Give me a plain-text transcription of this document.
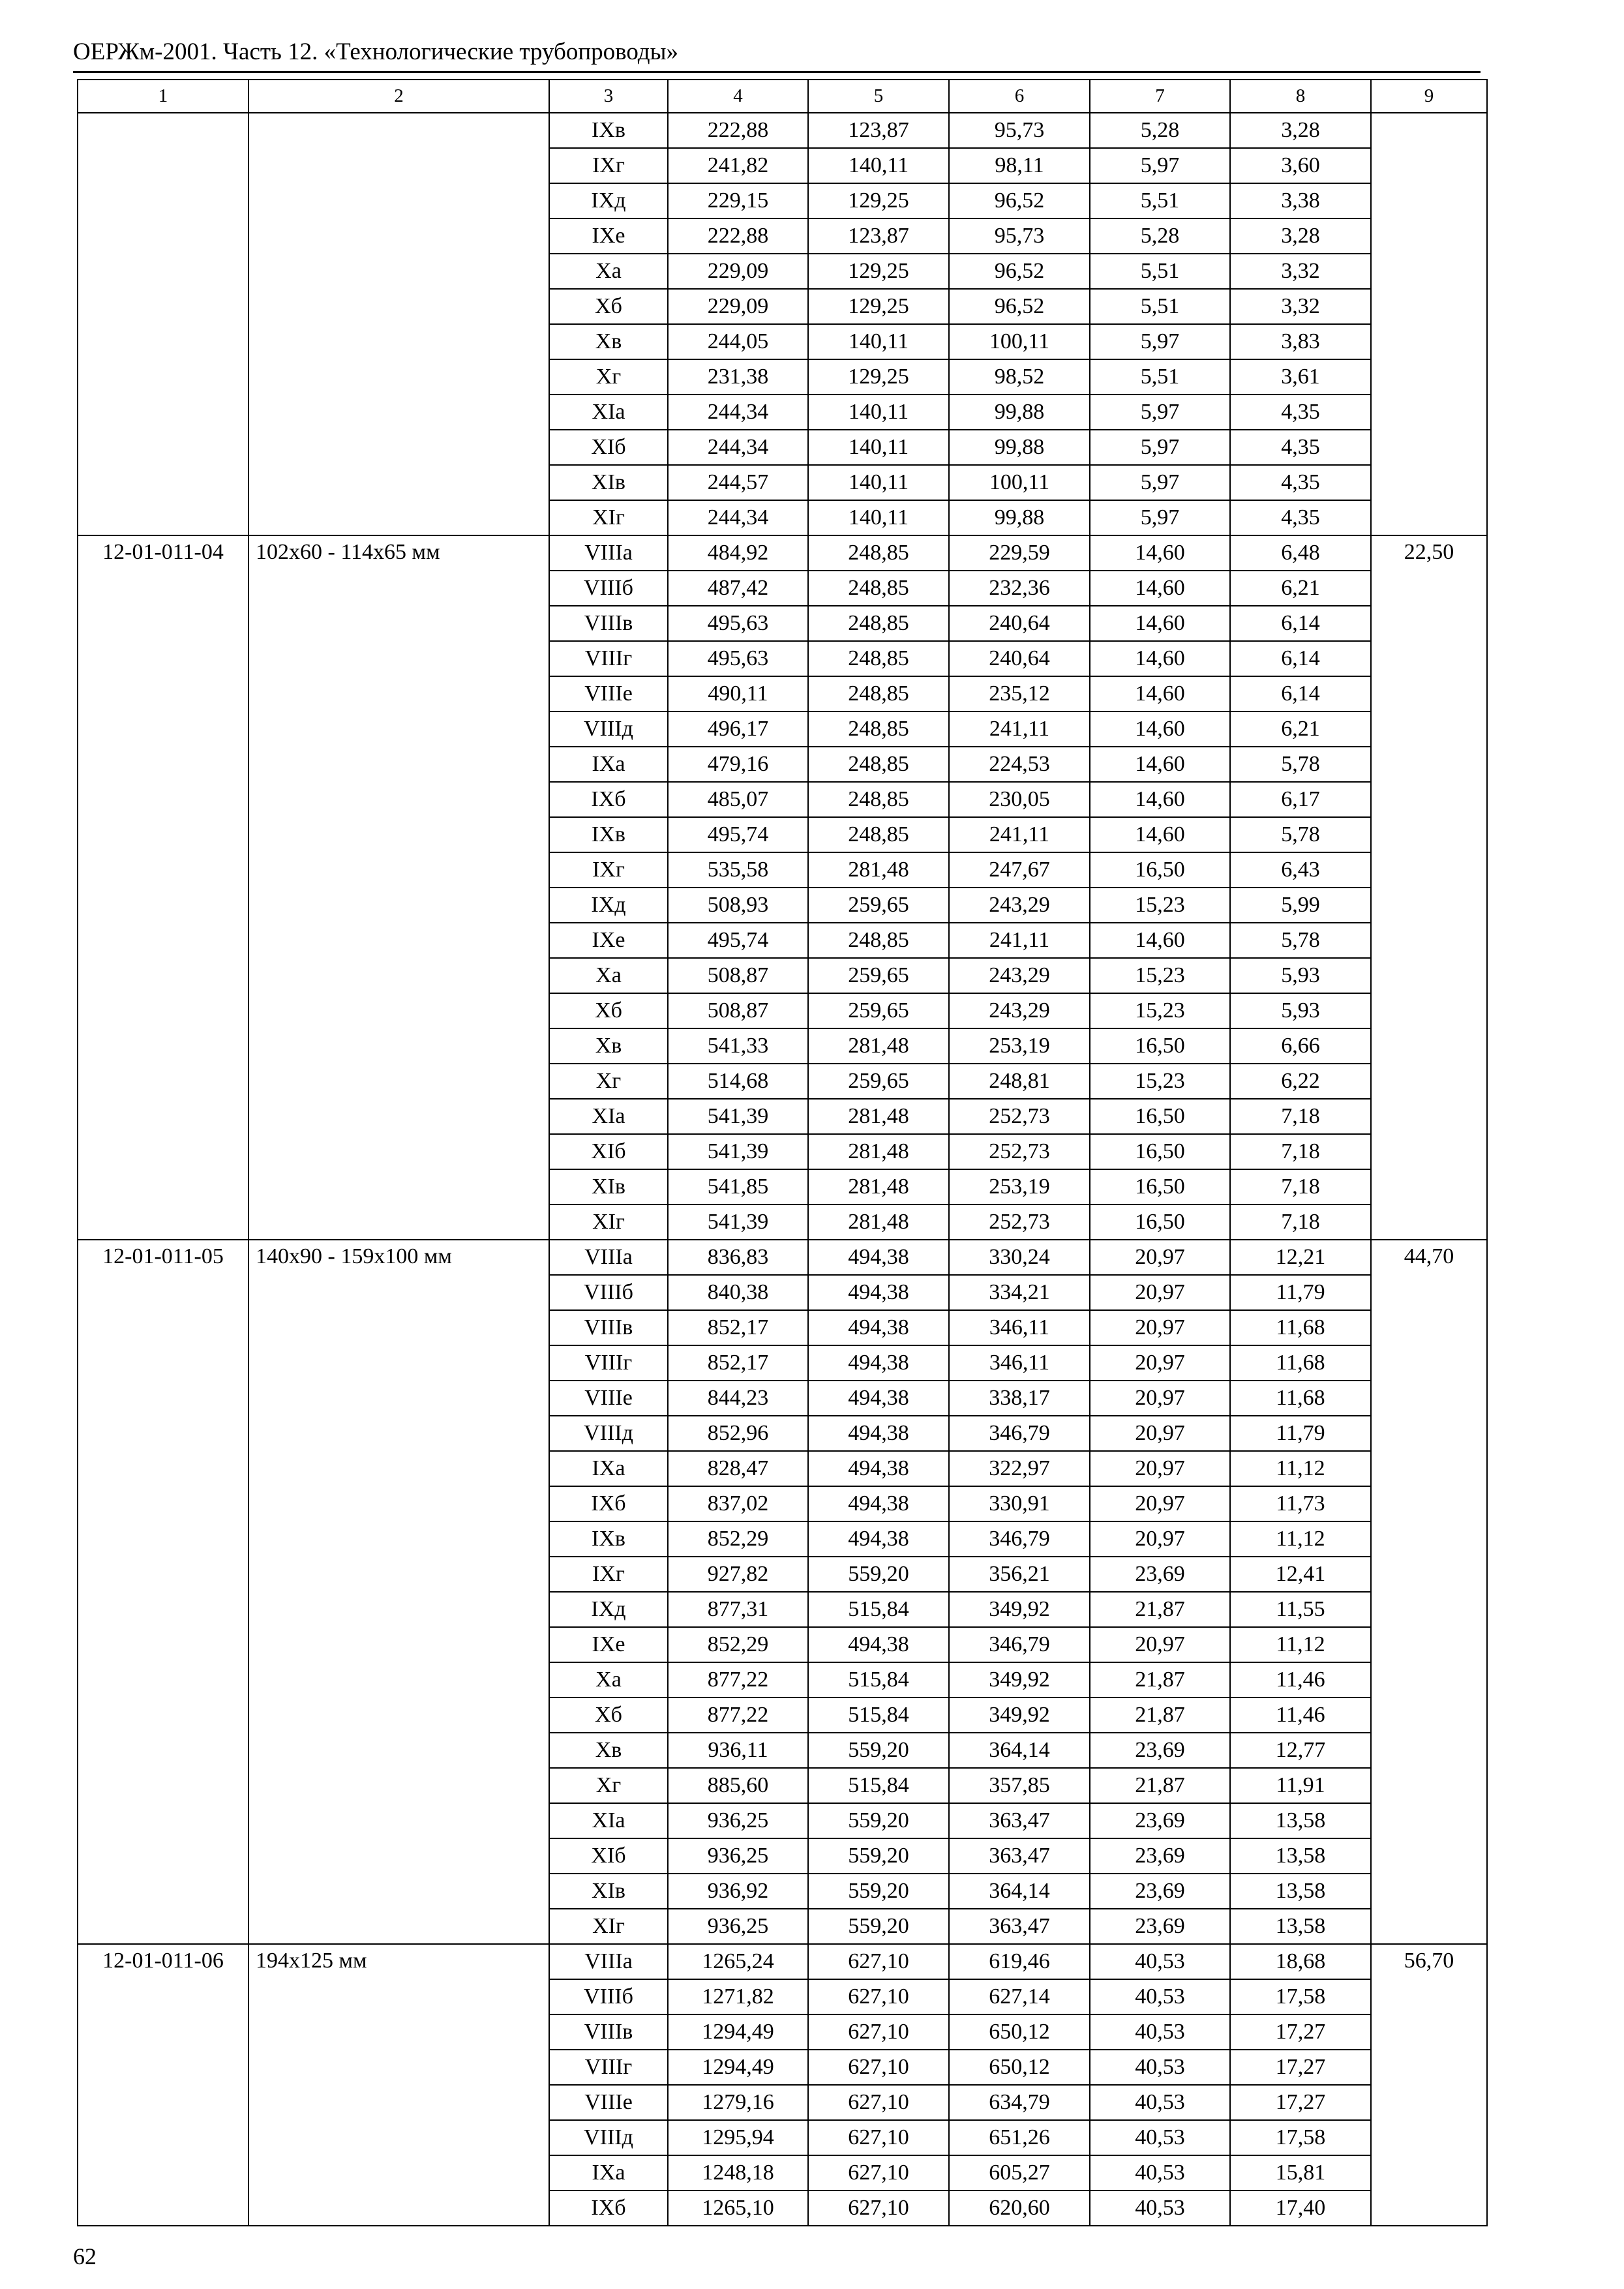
ОЕРЖм-2001. Часть 12. «Технологические трубопроводы»
1	2	3	4	5	6	7	8	9
		IXв	222,88	123,87	95,73	5,28	3,28	
		IXг	241,82	140,11	98,11	5,97	3,60	
		IXд	229,15	129,25	96,52	5,51	3,38	
		IXе	222,88	123,87	95,73	5,28	3,28	
		Xа	229,09	129,25	96,52	5,51	3,32	
		Xб	229,09	129,25	96,52	5,51	3,32	
		Xв	244,05	140,11	100,11	5,97	3,83	
		Xг	231,38	129,25	98,52	5,51	3,61	
		XIа	244,34	140,11	99,88	5,97	4,35	
		XIб	244,34	140,11	99,88	5,97	4,35	
		XIв	244,57	140,11	100,11	5,97	4,35	
		XIг	244,34	140,11	99,88	5,97	4,35	
12-01-011-04	102x60 - 114x65 мм	VIIIа	484,92	248,85	229,59	14,60	6,48	22,50
		VIIIб	487,42	248,85	232,36	14,60	6,21	
		VIIIв	495,63	248,85	240,64	14,60	6,14	
		VIIIг	495,63	248,85	240,64	14,60	6,14	
		VIIIе	490,11	248,85	235,12	14,60	6,14	
		VIIIд	496,17	248,85	241,11	14,60	6,21	
		IXа	479,16	248,85	224,53	14,60	5,78	
		IXб	485,07	248,85	230,05	14,60	6,17	
		IXв	495,74	248,85	241,11	14,60	5,78	
		IXг	535,58	281,48	247,67	16,50	6,43	
		IXд	508,93	259,65	243,29	15,23	5,99	
		IXе	495,74	248,85	241,11	14,60	5,78	
		Xа	508,87	259,65	243,29	15,23	5,93	
		Xб	508,87	259,65	243,29	15,23	5,93	
		Xв	541,33	281,48	253,19	16,50	6,66	
		Xг	514,68	259,65	248,81	15,23	6,22	
		XIа	541,39	281,48	252,73	16,50	7,18	
		XIб	541,39	281,48	252,73	16,50	7,18	
		XIв	541,85	281,48	253,19	16,50	7,18	
		XIг	541,39	281,48	252,73	16,50	7,18	
12-01-011-05	140x90 - 159x100 мм	VIIIа	836,83	494,38	330,24	20,97	12,21	44,70
		VIIIб	840,38	494,38	334,21	20,97	11,79	
		VIIIв	852,17	494,38	346,11	20,97	11,68	
		VIIIг	852,17	494,38	346,11	20,97	11,68	
		VIIIе	844,23	494,38	338,17	20,97	11,68	
		VIIIд	852,96	494,38	346,79	20,97	11,79	
		IXа	828,47	494,38	322,97	20,97	11,12	
		IXб	837,02	494,38	330,91	20,97	11,73	
		IXв	852,29	494,38	346,79	20,97	11,12	
		IXг	927,82	559,20	356,21	23,69	12,41	
		IXд	877,31	515,84	349,92	21,87	11,55	
		IXе	852,29	494,38	346,79	20,97	11,12	
		Xа	877,22	515,84	349,92	21,87	11,46	
		Xб	877,22	515,84	349,92	21,87	11,46	
		Xв	936,11	559,20	364,14	23,69	12,77	
		Xг	885,60	515,84	357,85	21,87	11,91	
		XIа	936,25	559,20	363,47	23,69	13,58	
		XIб	936,25	559,20	363,47	23,69	13,58	
		XIв	936,92	559,20	364,14	23,69	13,58	
		XIг	936,25	559,20	363,47	23,69	13,58	
12-01-011-06	194x125 мм	VIIIа	1265,24	627,10	619,46	40,53	18,68	56,70
		VIIIб	1271,82	627,10	627,14	40,53	17,58	
		VIIIв	1294,49	627,10	650,12	40,53	17,27	
		VIIIг	1294,49	627,10	650,12	40,53	17,27	
		VIIIе	1279,16	627,10	634,79	40,53	17,27	
		VIIIд	1295,94	627,10	651,26	40,53	17,58	
		IXа	1248,18	627,10	605,27	40,53	15,81	
		IXб	1265,10	627,10	620,60	40,53	17,40	
62
